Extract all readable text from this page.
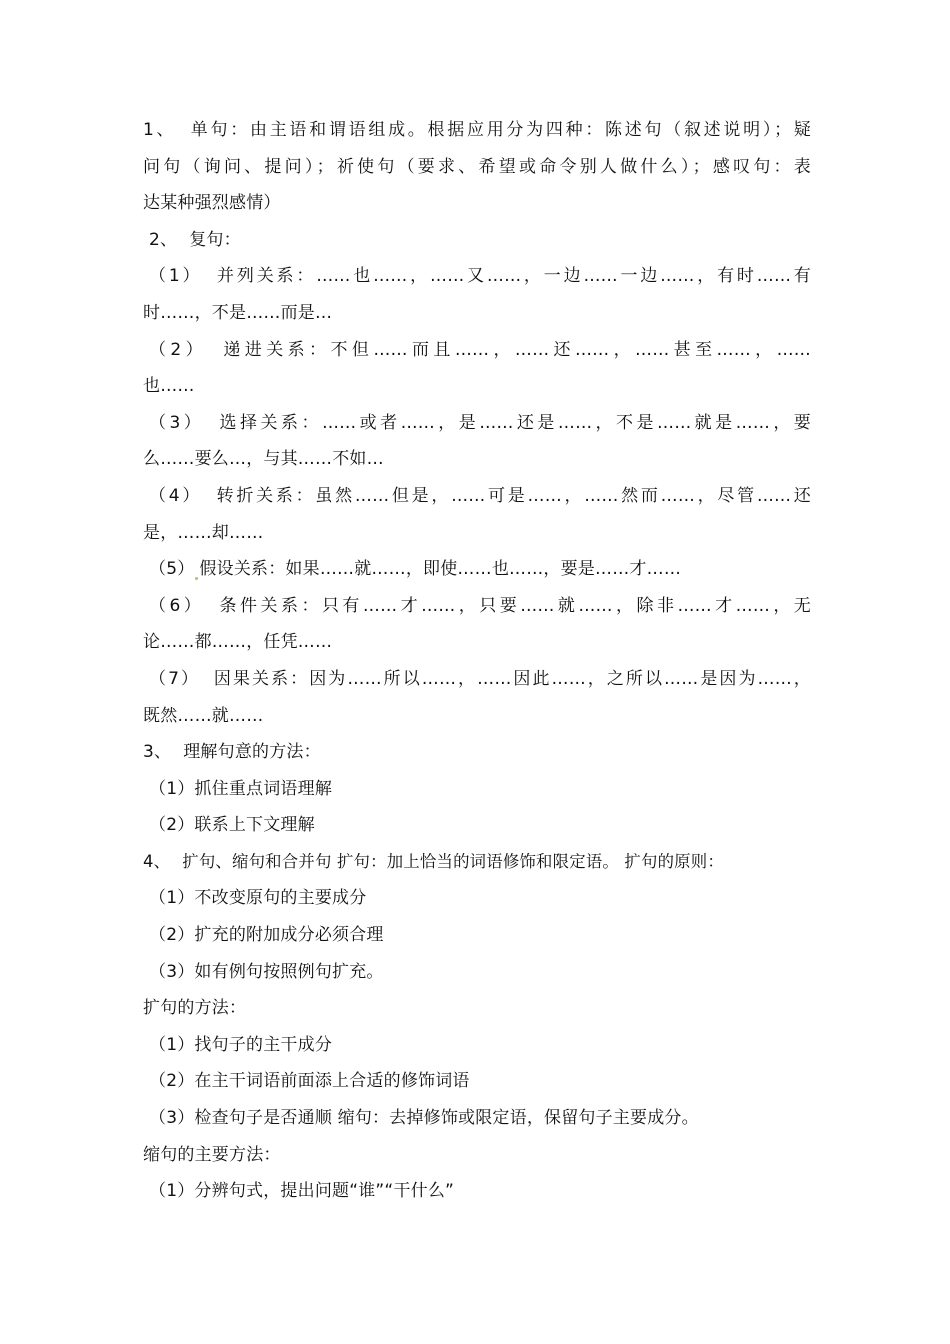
1、 单句：由主语和谓语组成。根据应用分为四种：陈述句（叙述说明）；疑
问句（询问、提问）；祈使句（要求、希望或命令别人做什么）；感叹句：表
达某种强烈感情）
2、 复句：
（1） 并列关系：……也……，……又……，一边……一边……，有时……有
时……，不是……而是…
（2） 递进关系：不但……而且……，……还……，……甚至……，……
也……
（3） 选择关系：……或者……，是……还是……，不是……就是……，要
么……要么…，与其……不如…
（4） 转折关系：虽然……但是，……可是……，……然而……，尽管……还
是，……却……
（5） 假设关系：如果……就……，即使……也……，要是……才……
（6） 条件关系：只有……才……，只要……就……，除非……才……，无
论……都……，任凭……
（7） 因果关系：因为……所以……，……因此……，之所以……是因为……，
既然……就……
3、 理解句意的方法：
（1）抓住重点词语理解
（2）联系上下文理解
4、 扩句、缩句和合并句 扩句：加上恰当的词语修饰和限定语。 扩句的原则：
（1）不改变原句的主要成分
（2）扩充的附加成分必须合理
（3）如有例句按照例句扩充。
扩句的方法：
（1）找句子的主干成分
（2）在主干词语前面添上合适的修饰词语
（3）检查句子是否通顺 缩句：去掉修饰或限定语，保留句子主要成分。
缩句的主要方法：
（1）分辨句式，提出问题“谁”“干什么”
